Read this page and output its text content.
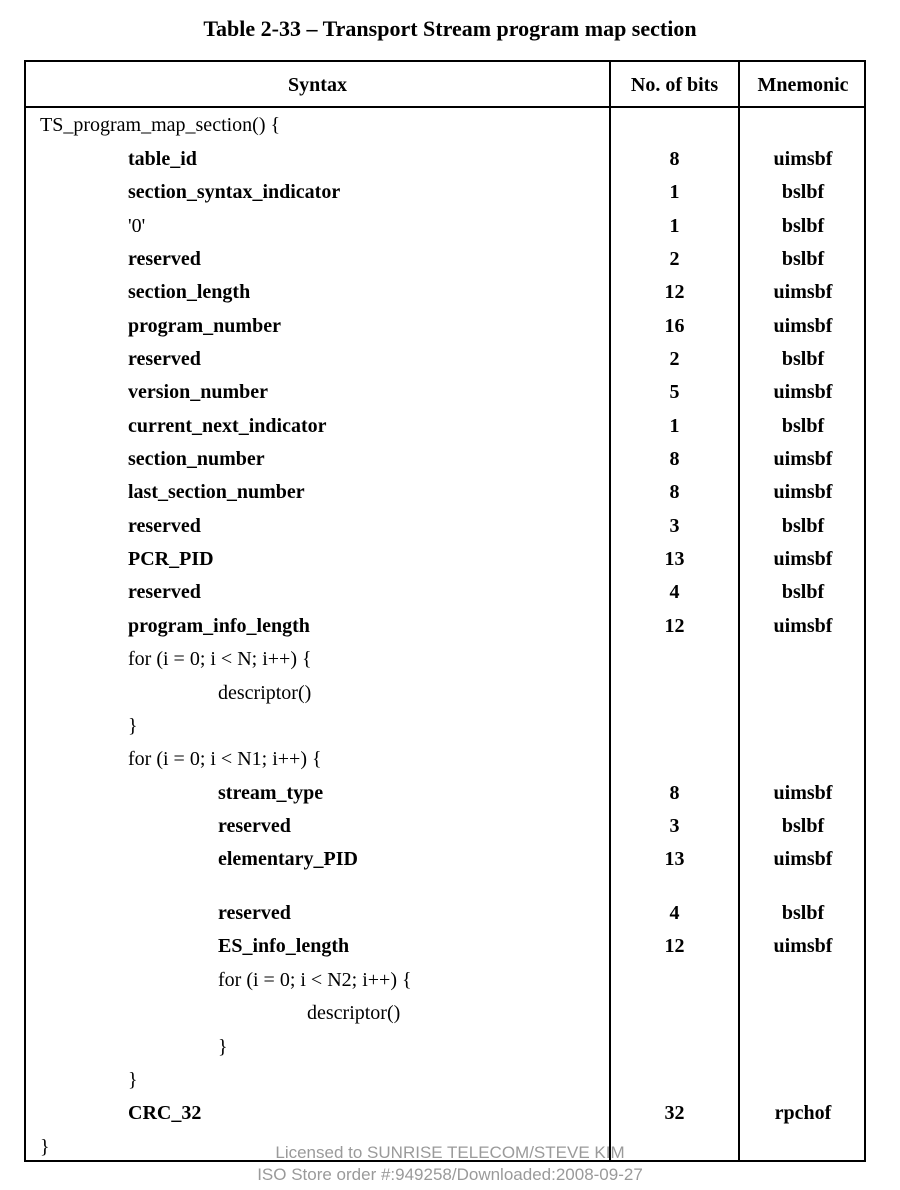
Table 2-33 – Transport Stream program map section
Syntax	No. of bits	Mnemonic
TS_program_map_section() {
table_id	8	uimsbf
section_syntax_indicator	1	bslbf
'0'	1	bslbf
reserved	2	bslbf
section_length	12	uimsbf
program_number	16	uimsbf
reserved	2	bslbf
version_number	5	uimsbf
current_next_indicator	1	bslbf
section_number	8	uimsbf
last_section_number	8	uimsbf
reserved	3	bslbf
PCR_PID	13	uimsbf
reserved	4	bslbf
program_info_length	12	uimsbf
for (i = 0; i < N; i++) {
descriptor()
}
for (i = 0; i < N1; i++) {
stream_type	8	uimsbf
reserved	3	bslbf
elementary_PID	13	uimsbf
reserved	4	bslbf
ES_info_length	12	uimsbf
for (i = 0; i < N2; i++) {
descriptor()
}
}
CRC_32	32	rpchof
}	Licensed to SUNRISE TELECOM/STEVE KIM
ISO Store order #:949258/Downloaded:2008-09-27
